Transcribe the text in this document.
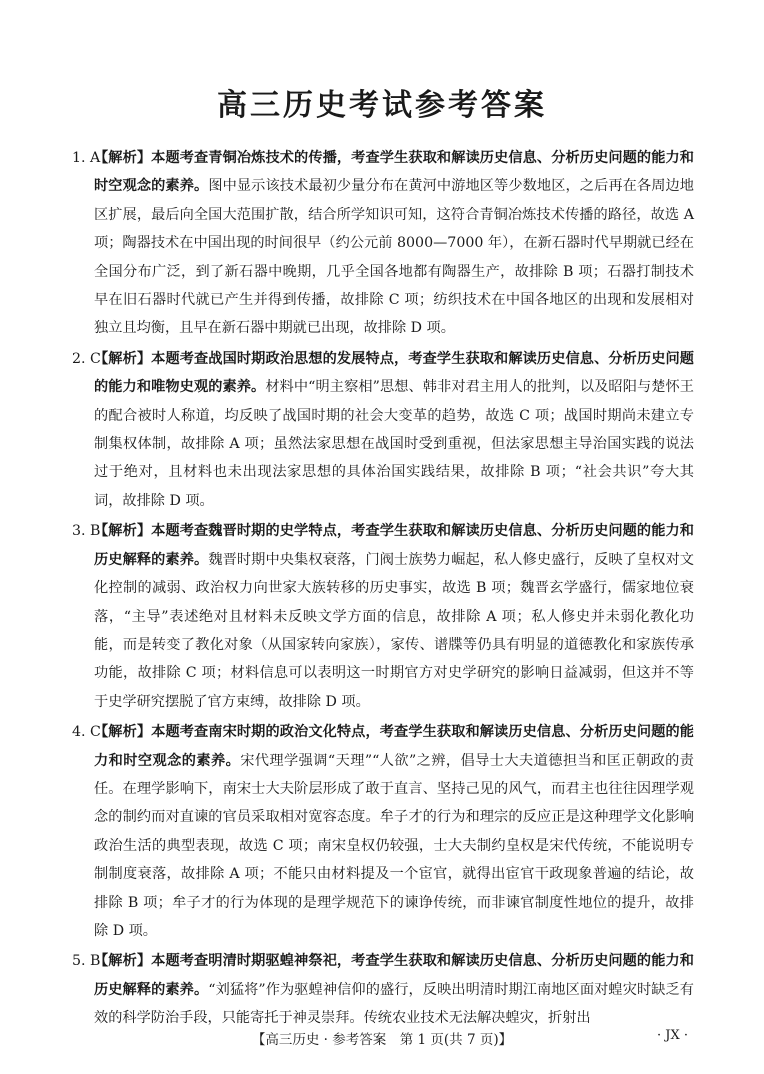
高三历史考试参考答案

1. A
【解析】本题考查青铜冶炼技术的传播，考查学生获取和解读历史信息、分析历史问题的能力和时空观念的素养。图中显示该技术最初少量分布在黄河中游地区等少数地区，之后再在各周边地区扩展，最后向全国大范围扩散，结合所学知识可知，这符合青铜冶炼技术传播的路径，故选 A 项；陶器技术在中国出现的时间很早（约公元前 8000—7000 年），在新石器时代早期就已经在全国分布广泛，到了新石器中晚期，几乎全国各地都有陶器生产，故排除 B 项；石器打制技术早在旧石器时代就已产生并得到传播，故排除 C 项；纺织技术在中国各地区的出现和发展相对独立且均衡，且早在新石器中期就已出现，故排除 D 项。

2. C
【解析】本题考查战国时期政治思想的发展特点，考查学生获取和解读历史信息、分析历史问题的能力和唯物史观的素养。材料中“明主察相”思想、韩非对君主用人的批判，以及昭阳与楚怀王的配合被时人称道，均反映了战国时期的社会大变革的趋势，故选 C 项；战国时期尚未建立专制集权体制，故排除 A 项；虽然法家思想在战国时受到重视，但法家思想主导治国实践的说法过于绝对，且材料也未出现法家思想的具体治国实践结果，故排除 B 项；“社会共识”夸大其词，故排除 D 项。

3. B
【解析】本题考查魏晋时期的史学特点，考查学生获取和解读历史信息、分析历史问题的能力和历史解释的素养。魏晋时期中央集权衰落，门阀士族势力崛起，私人修史盛行，反映了皇权对文化控制的减弱、政治权力向世家大族转移的历史事实，故选 B 项；魏晋玄学盛行，儒家地位衰落，“主导”表述绝对且材料未反映文学方面的信息，故排除 A 项；私人修史并未弱化教化功能，而是转变了教化对象（从国家转向家族），家传、谱牒等仍具有明显的道德教化和家族传承功能，故排除 C 项；材料信息可以表明这一时期官方对史学研究的影响日益减弱，但这并不等于史学研究摆脱了官方束缚，故排除 D 项。

4. C
【解析】本题考查南宋时期的政治文化特点，考查学生获取和解读历史信息、分析历史问题的能力和时空观念的素养。宋代理学强调“天理”“人欲”之辨，倡导士大夫道德担当和匡正朝政的责任。在理学影响下，南宋士大夫阶层形成了敢于直言、坚持己见的风气，而君主也往往因理学观念的制约而对直谏的官员采取相对宽容态度。牟子才的行为和理宗的反应正是这种理学文化影响政治生活的典型表现，故选 C 项；南宋皇权仍较强，士大夫制约皇权是宋代传统，不能说明专制制度衰落，故排除 A 项；不能只由材料提及一个宦官，就得出宦官干政现象普遍的结论，故排除 B 项；牟子才的行为体现的是理学规范下的谏诤传统，而非谏官制度性地位的提升，故排除 D 项。

5. B
【解析】本题考查明清时期驱蝗神祭祀，考查学生获取和解读历史信息、分析历史问题的能力和历史解释的素养。“刘猛将”作为驱蝗神信仰的盛行，反映出明清时期江南地区面对蝗灾时缺乏有效的科学防治手段，只能寄托于神灵崇拜。传统农业技术无法解决蝗灾，折射出

【高三历史 · 参考答案　第 1 页(共 7 页)】	· JX ·
